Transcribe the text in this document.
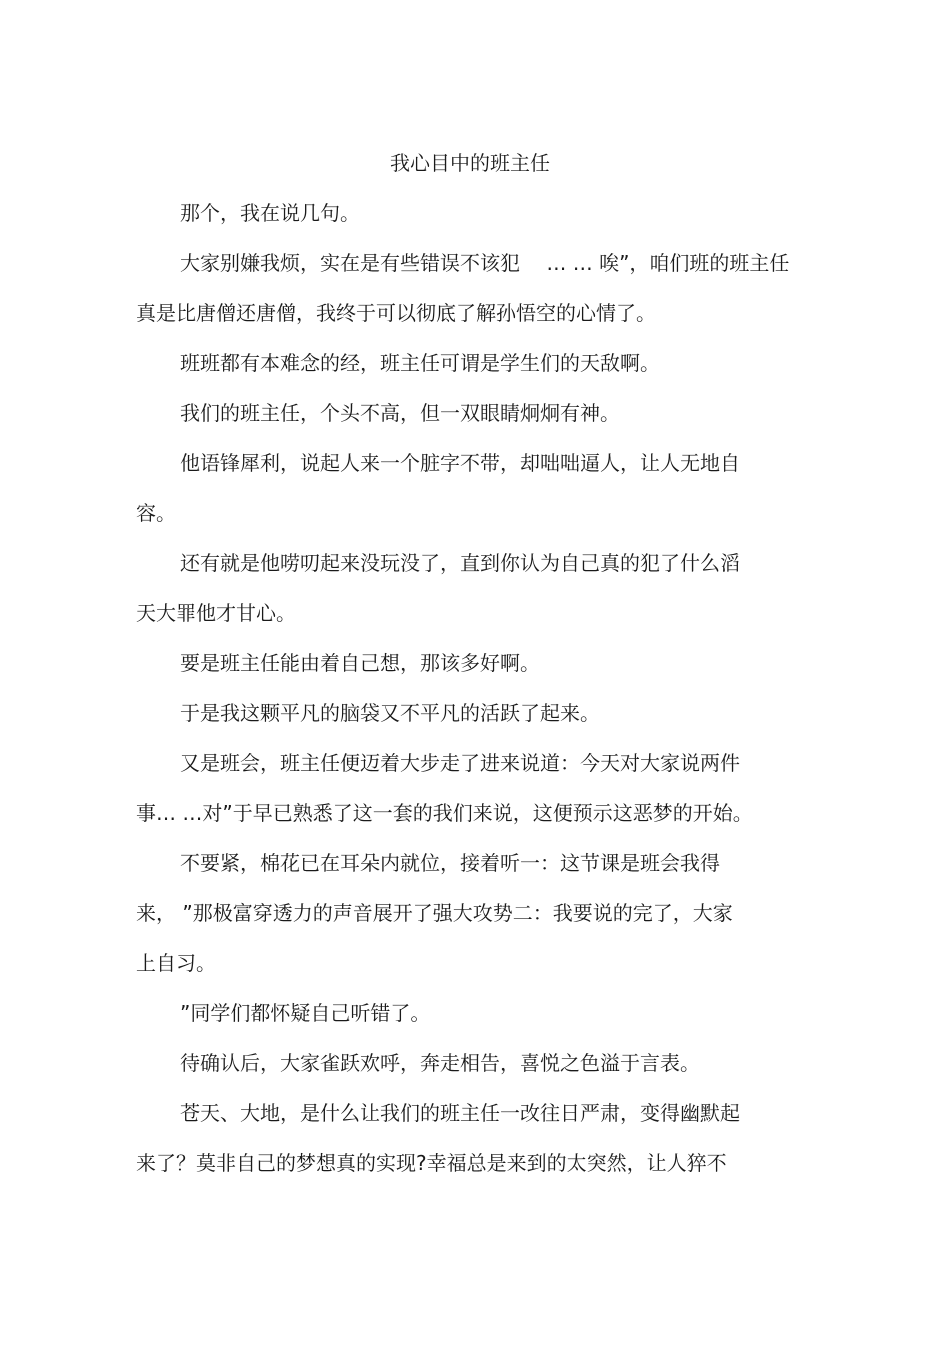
我心目中的班主任
那个，我在说几句。
大家别嫌我烦，实在是有些错误不该犯　 … … 唉”，咱们班的班主任
真是比唐僧还唐僧，我终于可以彻底了解孙悟空的心情了。
班班都有本难念的经，班主任可谓是学生们的天敌啊。
我们的班主任，个头不高，但一双眼睛炯炯有神。
他语锋犀利，说起人来一个脏字不带，却咄咄逼人，让人无地自
容。
还有就是他唠叨起来没玩没了，直到你认为自己真的犯了什么滔
天大罪他才甘心。
要是班主任能由着自己想，那该多好啊。
于是我这颗平凡的脑袋又不平凡的活跃了起来。
又是班会，班主任便迈着大步走了进来说道：今天对大家说两件
事… …对”于早已熟悉了这一套的我们来说，这便预示这恶梦的开始。
不要紧，棉花已在耳朵内就位，接着听一：这节课是班会我得
来， ”那极富穿透力的声音展开了强大攻势二：我要说的完了，大家
上自习。
”同学们都怀疑自己听错了。
待确认后，大家雀跃欢呼，奔走相告，喜悦之色溢于言表。
苍天、大地，是什么让我们的班主任一改往日严肃，变得幽默起
来了？莫非自己的梦想真的实现?幸福总是来到的太突然，让人猝不
